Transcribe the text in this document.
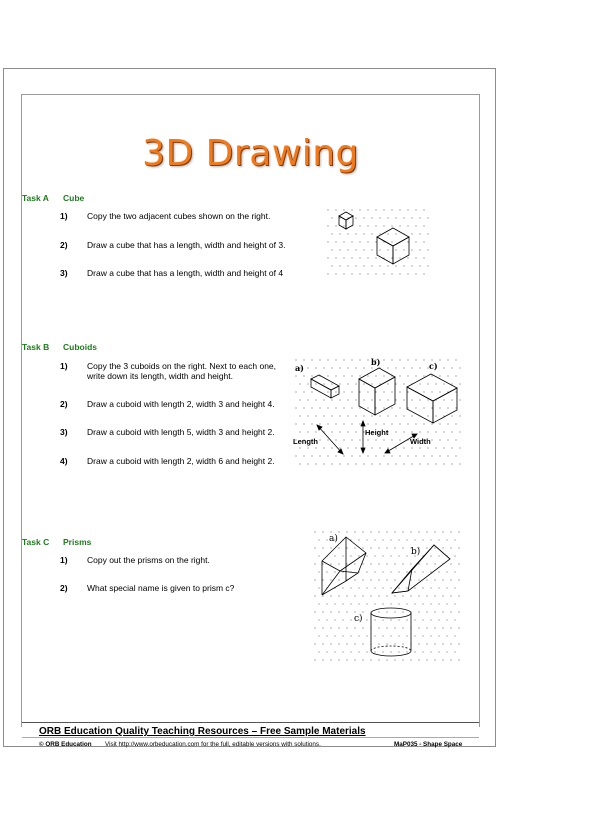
3D Drawing
Task A Cube
1)	Copy the two adjacent cubes shown on the right.
2)	Draw a cube that has a length, width and height of 3.
3)	Draw a cube that has a length, width and height of 4
Task B Cuboids
1)	Copy the 3 cuboids on the right. Next to each one,
write down its length, width and height.
2)	Draw a cuboid with length 2, width 3 and height 4.
3)	Draw a cuboid with length 5, width 3 and height 2.
4)	Draw a cuboid with length 2, width 6 and height 2.
a)
b)	c)
Length
Height
Width
Task C Prisms
1)	Copy out the prisms on the right.
2)	What special name is given to prism c?
a)
b)
c)
ORB Education Quality Teaching Resources – Free Sample Materials
© ORB Education Visit http://www.orbeducation.com for the full, editable versions with solutions.	MaP035 - Shape Space
